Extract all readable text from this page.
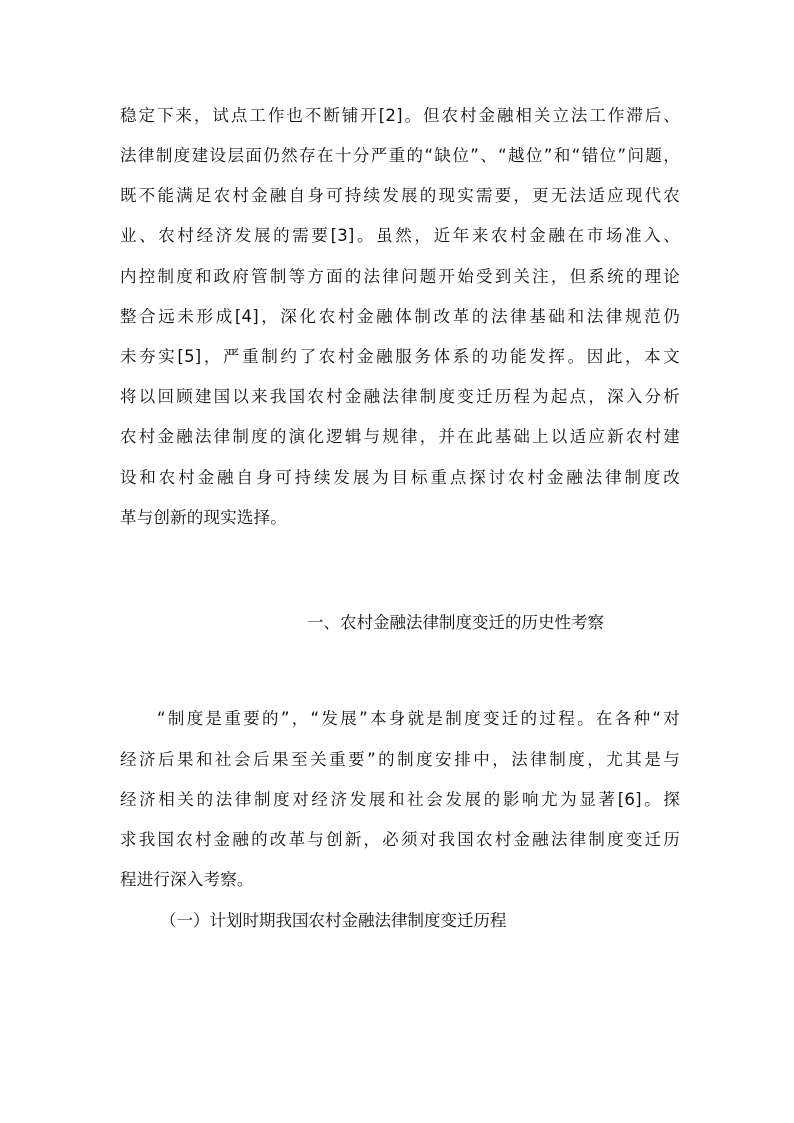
稳定下来，试点工作也不断铺开[2]。但农村金融相关立法工作滞后、
法律制度建设层面仍然存在十分严重的“缺位”、“越位”和“错位”问题，
既不能满足农村金融自身可持续发展的现实需要，更无法适应现代农
业、农村经济发展的需要[3]。虽然，近年来农村金融在市场准入、
内控制度和政府管制等方面的法律问题开始受到关注，但系统的理论
整合远未形成[4]，深化农村金融体制改革的法律基础和法律规范仍
未夯实[5]，严重制约了农村金融服务体系的功能发挥。因此，本文
将以回顾建国以来我国农村金融法律制度变迁历程为起点，深入分析
农村金融法律制度的演化逻辑与规律，并在此基础上以适应新农村建
设和农村金融自身可持续发展为目标重点探讨农村金融法律制度改
革与创新的现实选择。
一、农村金融法律制度变迁的历史性考察
“制度是重要的”，“发展”本身就是制度变迁的过程。在各种“对
经济后果和社会后果至关重要”的制度安排中，法律制度，尤其是与
经济相关的法律制度对经济发展和社会发展的影响尤为显著[6]。探
求我国农村金融的改革与创新，必须对我国农村金融法律制度变迁历
程进行深入考察。
（一）计划时期我国农村金融法律制度变迁历程
